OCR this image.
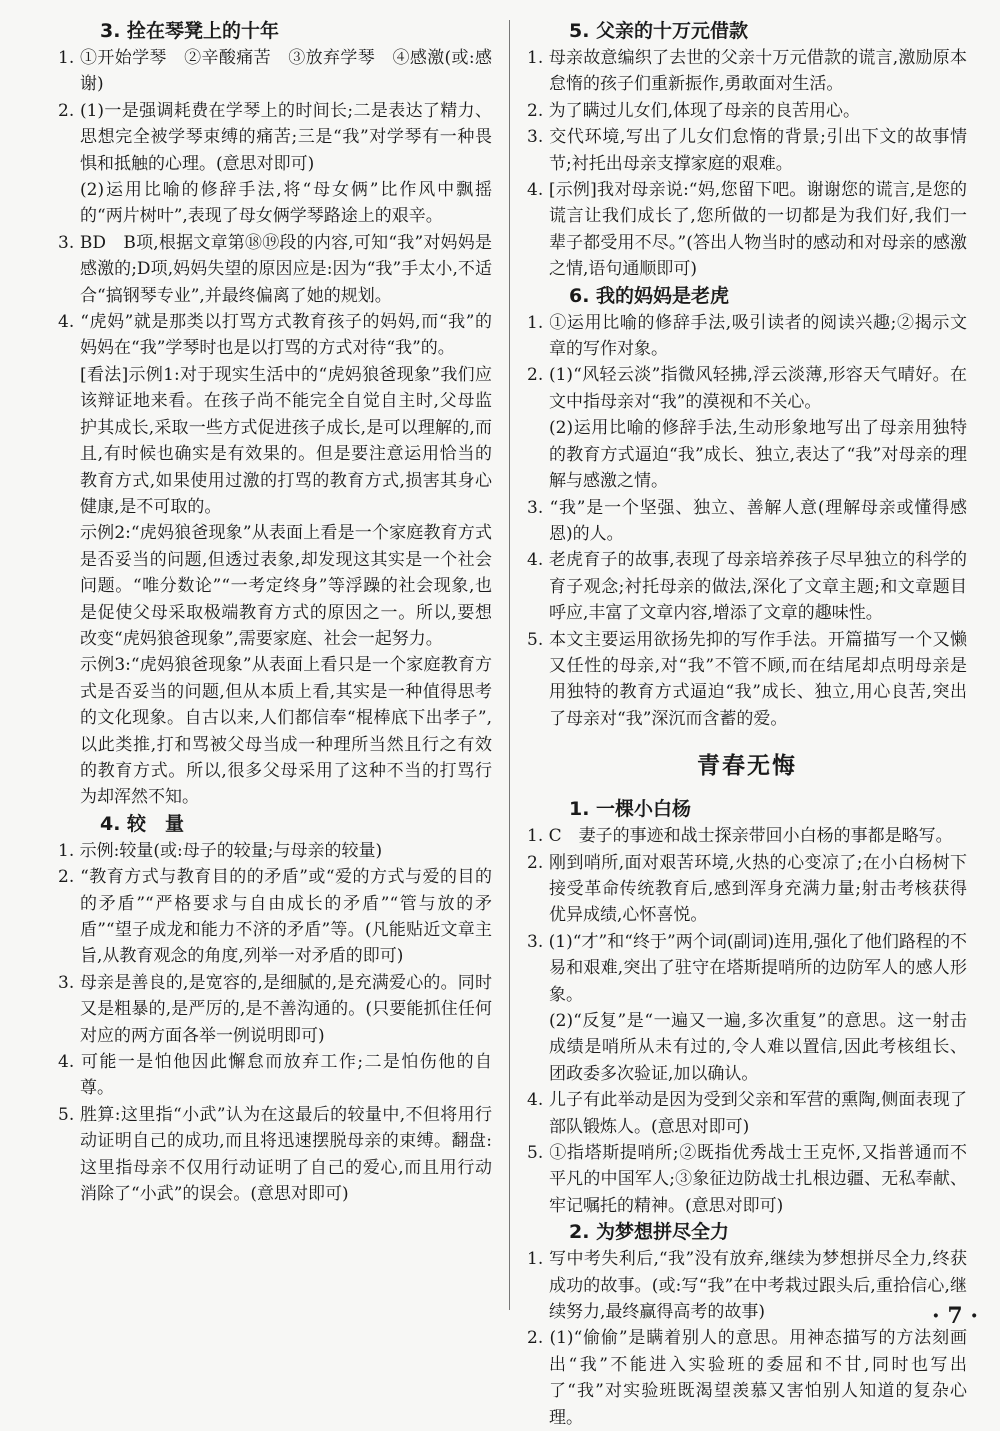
3. 拴在琴凳上的十年

1. ①开始学琴　②辛酸痛苦　③放弃学琴　④感激(或:感谢)

2. (1)一是强调耗费在学琴上的时间长;二是表达了精力、思想完全被学琴束缚的痛苦;三是“我”对学琴有一种畏惧和抵触的心理。(意思对即可)

(2)运用比喻的修辞手法,将“母女俩”比作风中飘摇的“两片树叶”,表现了母女俩学琴路途上的艰辛。

3. BD　B项,根据文章第⑱⑲段的内容,可知“我”对妈妈是感激的;D项,妈妈失望的原因应是:因为“我”手太小,不适合“搞钢琴专业”,并最终偏离了她的规划。

4. “虎妈”就是那类以打骂方式教育孩子的妈妈,而“我”的妈妈在“我”学琴时也是以打骂的方式对待“我”的。

[看法]示例1:对于现实生活中的“虎妈狼爸现象”我们应该辩证地来看。在孩子尚不能完全自觉自主时,父母监护其成长,采取一些方式促进孩子成长,是可以理解的,而且,有时候也确实是有效果的。但是要注意运用恰当的教育方式,如果使用过激的打骂的教育方式,损害其身心健康,是不可取的。

示例2:“虎妈狼爸现象”从表面上看是一个家庭教育方式是否妥当的问题,但透过表象,却发现这其实是一个社会问题。“唯分数论”“一考定终身”等浮躁的社会现象,也是促使父母采取极端教育方式的原因之一。所以,要想改变“虎妈狼爸现象”,需要家庭、社会一起努力。

示例3:“虎妈狼爸现象”从表面上看只是一个家庭教育方式是否妥当的问题,但从本质上看,其实是一种值得思考的文化现象。自古以来,人们都信奉“棍棒底下出孝子”,以此类推,打和骂被父母当成一种理所当然且行之有效的教育方式。所以,很多父母采用了这种不当的打骂行为却浑然不知。

4. 较　量

1. 示例:较量(或:母子的较量;与母亲的较量)

2. “教育方式与教育目的的矛盾”或“爱的方式与爱的目的的矛盾”“严格要求与自由成长的矛盾”“管与放的矛盾”“望子成龙和能力不济的矛盾”等。(凡能贴近文章主旨,从教育观念的角度,列举一对矛盾的即可)

3. 母亲是善良的,是宽容的,是细腻的,是充满爱心的。同时又是粗暴的,是严厉的,是不善沟通的。(只要能抓住任何对应的两方面各举一例说明即可)

4. 可能一是怕他因此懈怠而放弃工作;二是怕伤他的自尊。

5. 胜算:这里指“小武”认为在这最后的较量中,不但将用行动证明自己的成功,而且将迅速摆脱母亲的束缚。翻盘:这里指母亲不仅用行动证明了自己的爱心,而且用行动消除了“小武”的误会。(意思对即可)

5. 父亲的十万元借款

1. 母亲故意编织了去世的父亲十万元借款的谎言,激励原本怠惰的孩子们重新振作,勇敢面对生活。

2. 为了瞒过儿女们,体现了母亲的良苦用心。

3. 交代环境,写出了儿女们怠惰的背景;引出下文的故事情节;衬托出母亲支撑家庭的艰难。

4. [示例]我对母亲说:“妈,您留下吧。谢谢您的谎言,是您的谎言让我们成长了,您所做的一切都是为我们好,我们一辈子都受用不尽。”(答出人物当时的感动和对母亲的感激之情,语句通顺即可)

6. 我的妈妈是老虎

1. ①运用比喻的修辞手法,吸引读者的阅读兴趣;②揭示文章的写作对象。

2. (1)“风轻云淡”指微风轻拂,浮云淡薄,形容天气晴好。在文中指母亲对“我”的漠视和不关心。

(2)运用比喻的修辞手法,生动形象地写出了母亲用独特的教育方式逼迫“我”成长、独立,表达了“我”对母亲的理解与感激之情。

3. “我”是一个坚强、独立、善解人意(理解母亲或懂得感恩)的人。

4. 老虎育子的故事,表现了母亲培养孩子尽早独立的科学的育子观念;衬托母亲的做法,深化了文章主题;和文章题目呼应,丰富了文章内容,增添了文章的趣味性。

5. 本文主要运用欲扬先抑的写作手法。开篇描写一个又懒又任性的母亲,对“我”不管不顾,而在结尾却点明母亲是用独特的教育方式逼迫“我”成长、独立,用心良苦,突出了母亲对“我”深沉而含蓄的爱。

青春无悔
1. 一棵小白杨

1. C　妻子的事迹和战士探亲带回小白杨的事都是略写。

2. 刚到哨所,面对艰苦环境,火热的心变凉了;在小白杨树下接受革命传统教育后,感到浑身充满力量;射击考核获得优异成绩,心怀喜悦。

3. (1)“才”和“终于”两个词(副词)连用,强化了他们路程的不易和艰难,突出了驻守在塔斯提哨所的边防军人的感人形象。

(2)“反复”是“一遍又一遍,多次重复”的意思。这一射击成绩是哨所从未有过的,令人难以置信,因此考核组长、团政委多次验证,加以确认。

4. 儿子有此举动是因为受到父亲和军营的熏陶,侧面表现了部队锻炼人。(意思对即可)

5. ①指塔斯提哨所;②既指优秀战士王克怀,又指普通而不平凡的中国军人;③象征边防战士扎根边疆、无私奉献、牢记嘱托的精神。(意思对即可)

2. 为梦想拼尽全力

1. 写中考失利后,“我”没有放弃,继续为梦想拼尽全力,终获成功的故事。(或:写“我”在中考栽过跟头后,重拾信心,继续努力,最终赢得高考的故事)

2. (1)“偷偷”是瞒着别人的意思。用神态描写的方法刻画出“我”不能进入实验班的委屈和不甘,同时也写出了“我”对实验班既渴望羡慕又害怕别人知道的复杂心理。

· 7 ·
